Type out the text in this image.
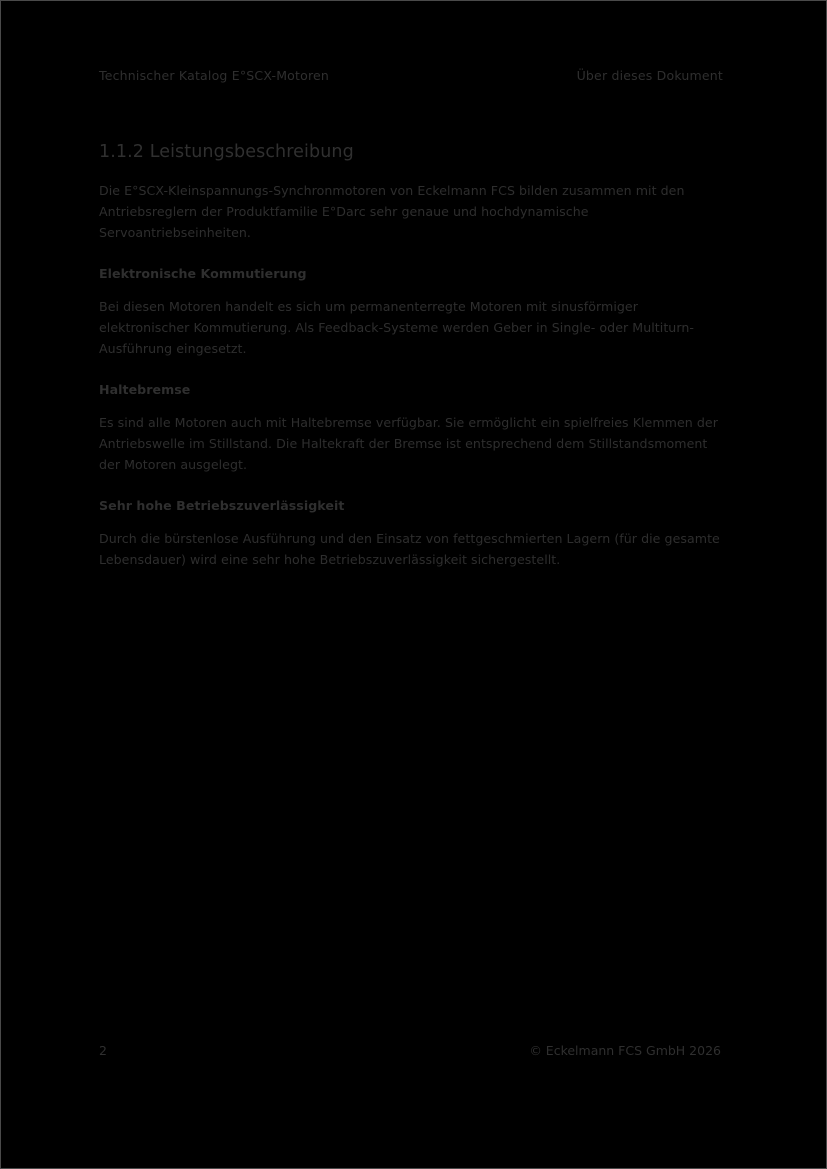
Technischer Katalog E°SCX-Motoren	Über dieses Dokument
1.1.2 Leistungsbeschreibung

Die E°SCX-Kleinspannungs-Synchronmotoren von Eckelmann FCS bilden zusammen mit den Antriebsreglern der Produktfamilie E°Darc sehr genaue und hochdynamische Servoantriebseinheiten.

Elektronische Kommutierung

Bei diesen Motoren handelt es sich um permanenterregte Motoren mit sinusförmiger elektronischer Kommutierung. Als Feedback-Systeme werden Geber in Single- oder Multiturn-Ausführung eingesetzt.

Haltebremse

Es sind alle Motoren auch mit Haltebremse verfügbar. Sie ermöglicht ein spielfreies Klemmen der Antriebswelle im Stillstand. Die Haltekraft der Bremse ist entsprechend dem Stillstandsmoment der Motoren ausgelegt.

Sehr hohe Betriebszuverlässigkeit

Durch die bürstenlose Ausführung und den Einsatz von fettgeschmierten Lagern (für die gesamte Lebensdauer) wird eine sehr hohe Betriebszuverlässigkeit sichergestellt.

2	© Eckelmann FCS GmbH 2026
